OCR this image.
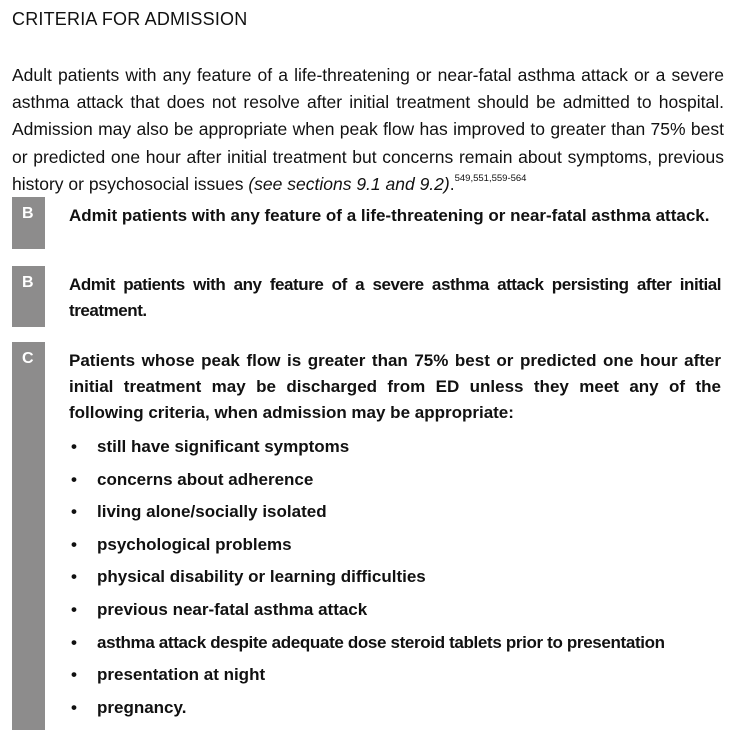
CRITERIA FOR ADMISSION

Adult patients with any feature of a life-threatening or near-fatal asthma attack or a severe asthma attack that does not resolve after initial treatment should be admitted to hospital. Admission may also be appropriate when peak flow has improved to greater than 75% best or predicted one hour after initial treatment but concerns remain about symptoms, previous history or psychosocial issues (see sections 9.1 and 9.2).$^{549,551,559-564}$

B	Admit patients with any feature of a life-threatening or near-fatal asthma attack.
B	Admit patients with any feature of a severe asthma attack persisting after initial treatment.
C	Patients whose peak flow is greater than 75% best or predicted one hour after initial treatment may be discharged from ED unless they meet any of the following criteria, when admission may be appropriate:
• still have significant symptoms
• concerns about adherence
• living alone/socially isolated
• psychological problems
• physical disability or learning difficulties
• previous near-fatal asthma attack
• asthma attack despite adequate dose steroid tablets prior to presentation
• presentation at night
• pregnancy.
